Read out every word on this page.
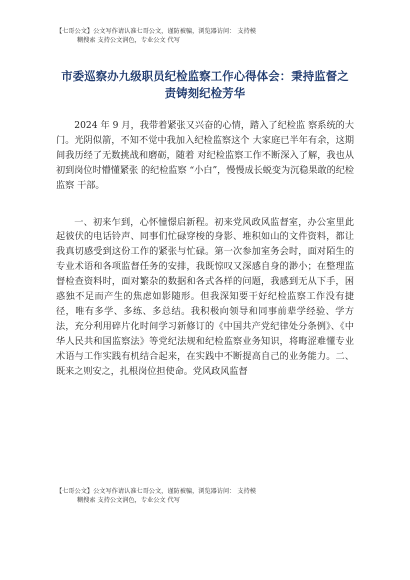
【七哥公文】公文写作请认准七哥公文，谨防被骗，浏览器访问： 支持模
糊搜索 支持公文润色，专业公文 代写
市委巡察办九级职员纪检监察工作心得体会：秉持监督之责铸刻纪检芳华

2024 年 9 月，我带着紧张又兴奋的心情，踏入了纪检监 察系统的大门。光阴似箭，不知不觉中我加入纪检监察这个 大家庭已半年有余，这期间我历经了无数挑战和磨砺，随着 对纪检监察工作不断深入了解，我也从初到岗位时懵懂紧张 的纪检监察 “小白”，慢慢成长蜕变为沉稳果敢的纪检监察 干部。

一、初来乍到，心怀憧憬启新程。初来党风政风监督室，办公室里此起彼伏的电话铃声、同事们忙碌穿梭的身影、堆积如山的文件资料，都让我真切感受到这份工作的紧张与忙碌。第一次参加室务会时，面对陌生的专业术语和各项监督任务的安排，我既惊叹又深感自身的渺小；在整理监督检查资料时，面对繁杂的数据和各式各样的问题，我感到无从下手，困惑独不足而产生的焦虑如影随形。但我深知要干好纪检监察工作没有捷径，唯有多学、多练、多总结。我积极向领导和同事前辈学经验、学方法，充分利用碎片化时间学习新修订的《中国共产党纪律处分条例》、《中华人民共和国监察法》等党纪法规和纪检监察业务知识，将晦涩难懂专业术语与工作实践有机结合起来，在实践中不断提高自己的业务能力。二、既来之则安之，扎根岗位担使命。党风政风监督

【七哥公文】公文写作请认准七哥公文，谨防被骗，浏览器访问： 支持模
糊搜索 支持公文润色，专业公文 代写
